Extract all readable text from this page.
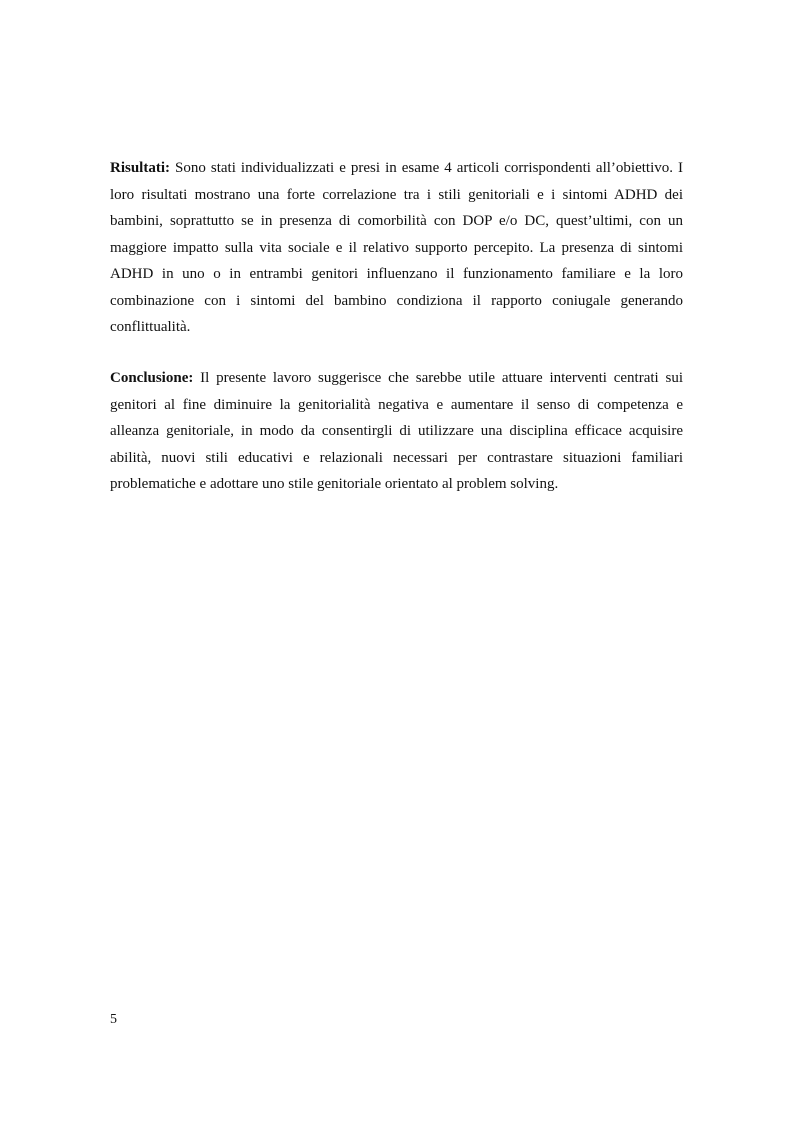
Risultati: Sono stati individualizzati e presi in esame 4 articoli corrispondenti all’obiettivo. I loro risultati mostrano una forte correlazione tra i stili genitoriali e i sintomi ADHD dei bambini, soprattutto se in presenza di comorbilità con DOP e/o DC, quest’ultimi, con un maggiore impatto sulla vita sociale e il relativo supporto percepito. La presenza di sintomi ADHD in uno o in entrambi genitori influenzano il funzionamento familiare e la loro combinazione con i sintomi del bambino condiziona il rapporto coniugale generando conflittualità.

Conclusione: Il presente lavoro suggerisce che sarebbe utile attuare interventi centrati sui genitori al fine diminuire la genitorialità negativa e aumentare il senso di competenza e alleanza genitoriale, in modo da consentirgli di utilizzare una disciplina efficace acquisire abilità, nuovi stili educativi e relazionali necessari per contrastare situazioni familiari problematiche e adottare uno stile genitoriale orientato al problem solving.

5
